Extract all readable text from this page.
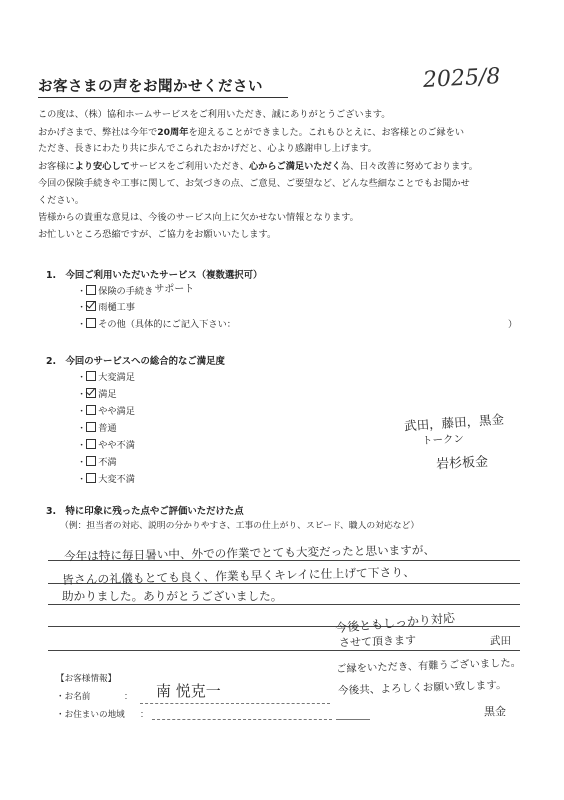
お客さまの声をお聞かせください	2025/8
この度は、（株）協和ホームサービスをご利用いただき、誠にありがとうございます。
おかげさまで、弊社は今年で20周年を迎えることができました。これもひとえに、お客様とのご縁をい
ただき、長きにわたり共に歩んでこられたおかげだと、心より感謝申し上げます。
お客様により安心してサービスをご利用いただき、心からご満足いただく為、日々改善に努めております。
今回の保険手続きや工事に関して、お気づきの点、ご意見、ご要望など、どんな些細なことでもお聞かせ
ください。
皆様からの貴重な意見は、今後のサービス向上に欠かせない情報となります。
お忙しいところ恐縮ですが、ご協力をお願いいたします。
1.　今回ご利用いただいたサービス（複数選択可）
・ 保険の手続きサポート
・ 雨樋工事
・ その他（具体的にご記入下さい：	）
2.　今回のサービスへの総合的なご満足度
・ 大変満足
・ 満足
・ やや満足
・ 普通
・ やや不満
・ 不満
・ 大変不満
武田，藤田，黒金
トークン
岩杉板金
3.　特に印象に残った点やご評価いただけた点
（例：担当者の対応、説明の分かりやすさ、工事の仕上がり、スピード、職人の対応など）
今年は特に毎日暑い中、外での作業でとても大変だったと思いますが、
皆さんの礼儀もとても良く、作業も早くキレイに仕上げて下さり、
助かりました。ありがとうございました。
今後ともしっかり対応
させて頂きます	武田
ご縁をいただき、有難うございました。
今後共、よろしくお願い致します。
黒金
【お客様情報】
・お名前	： 南 悦克一
・お住まいの地域 ：
